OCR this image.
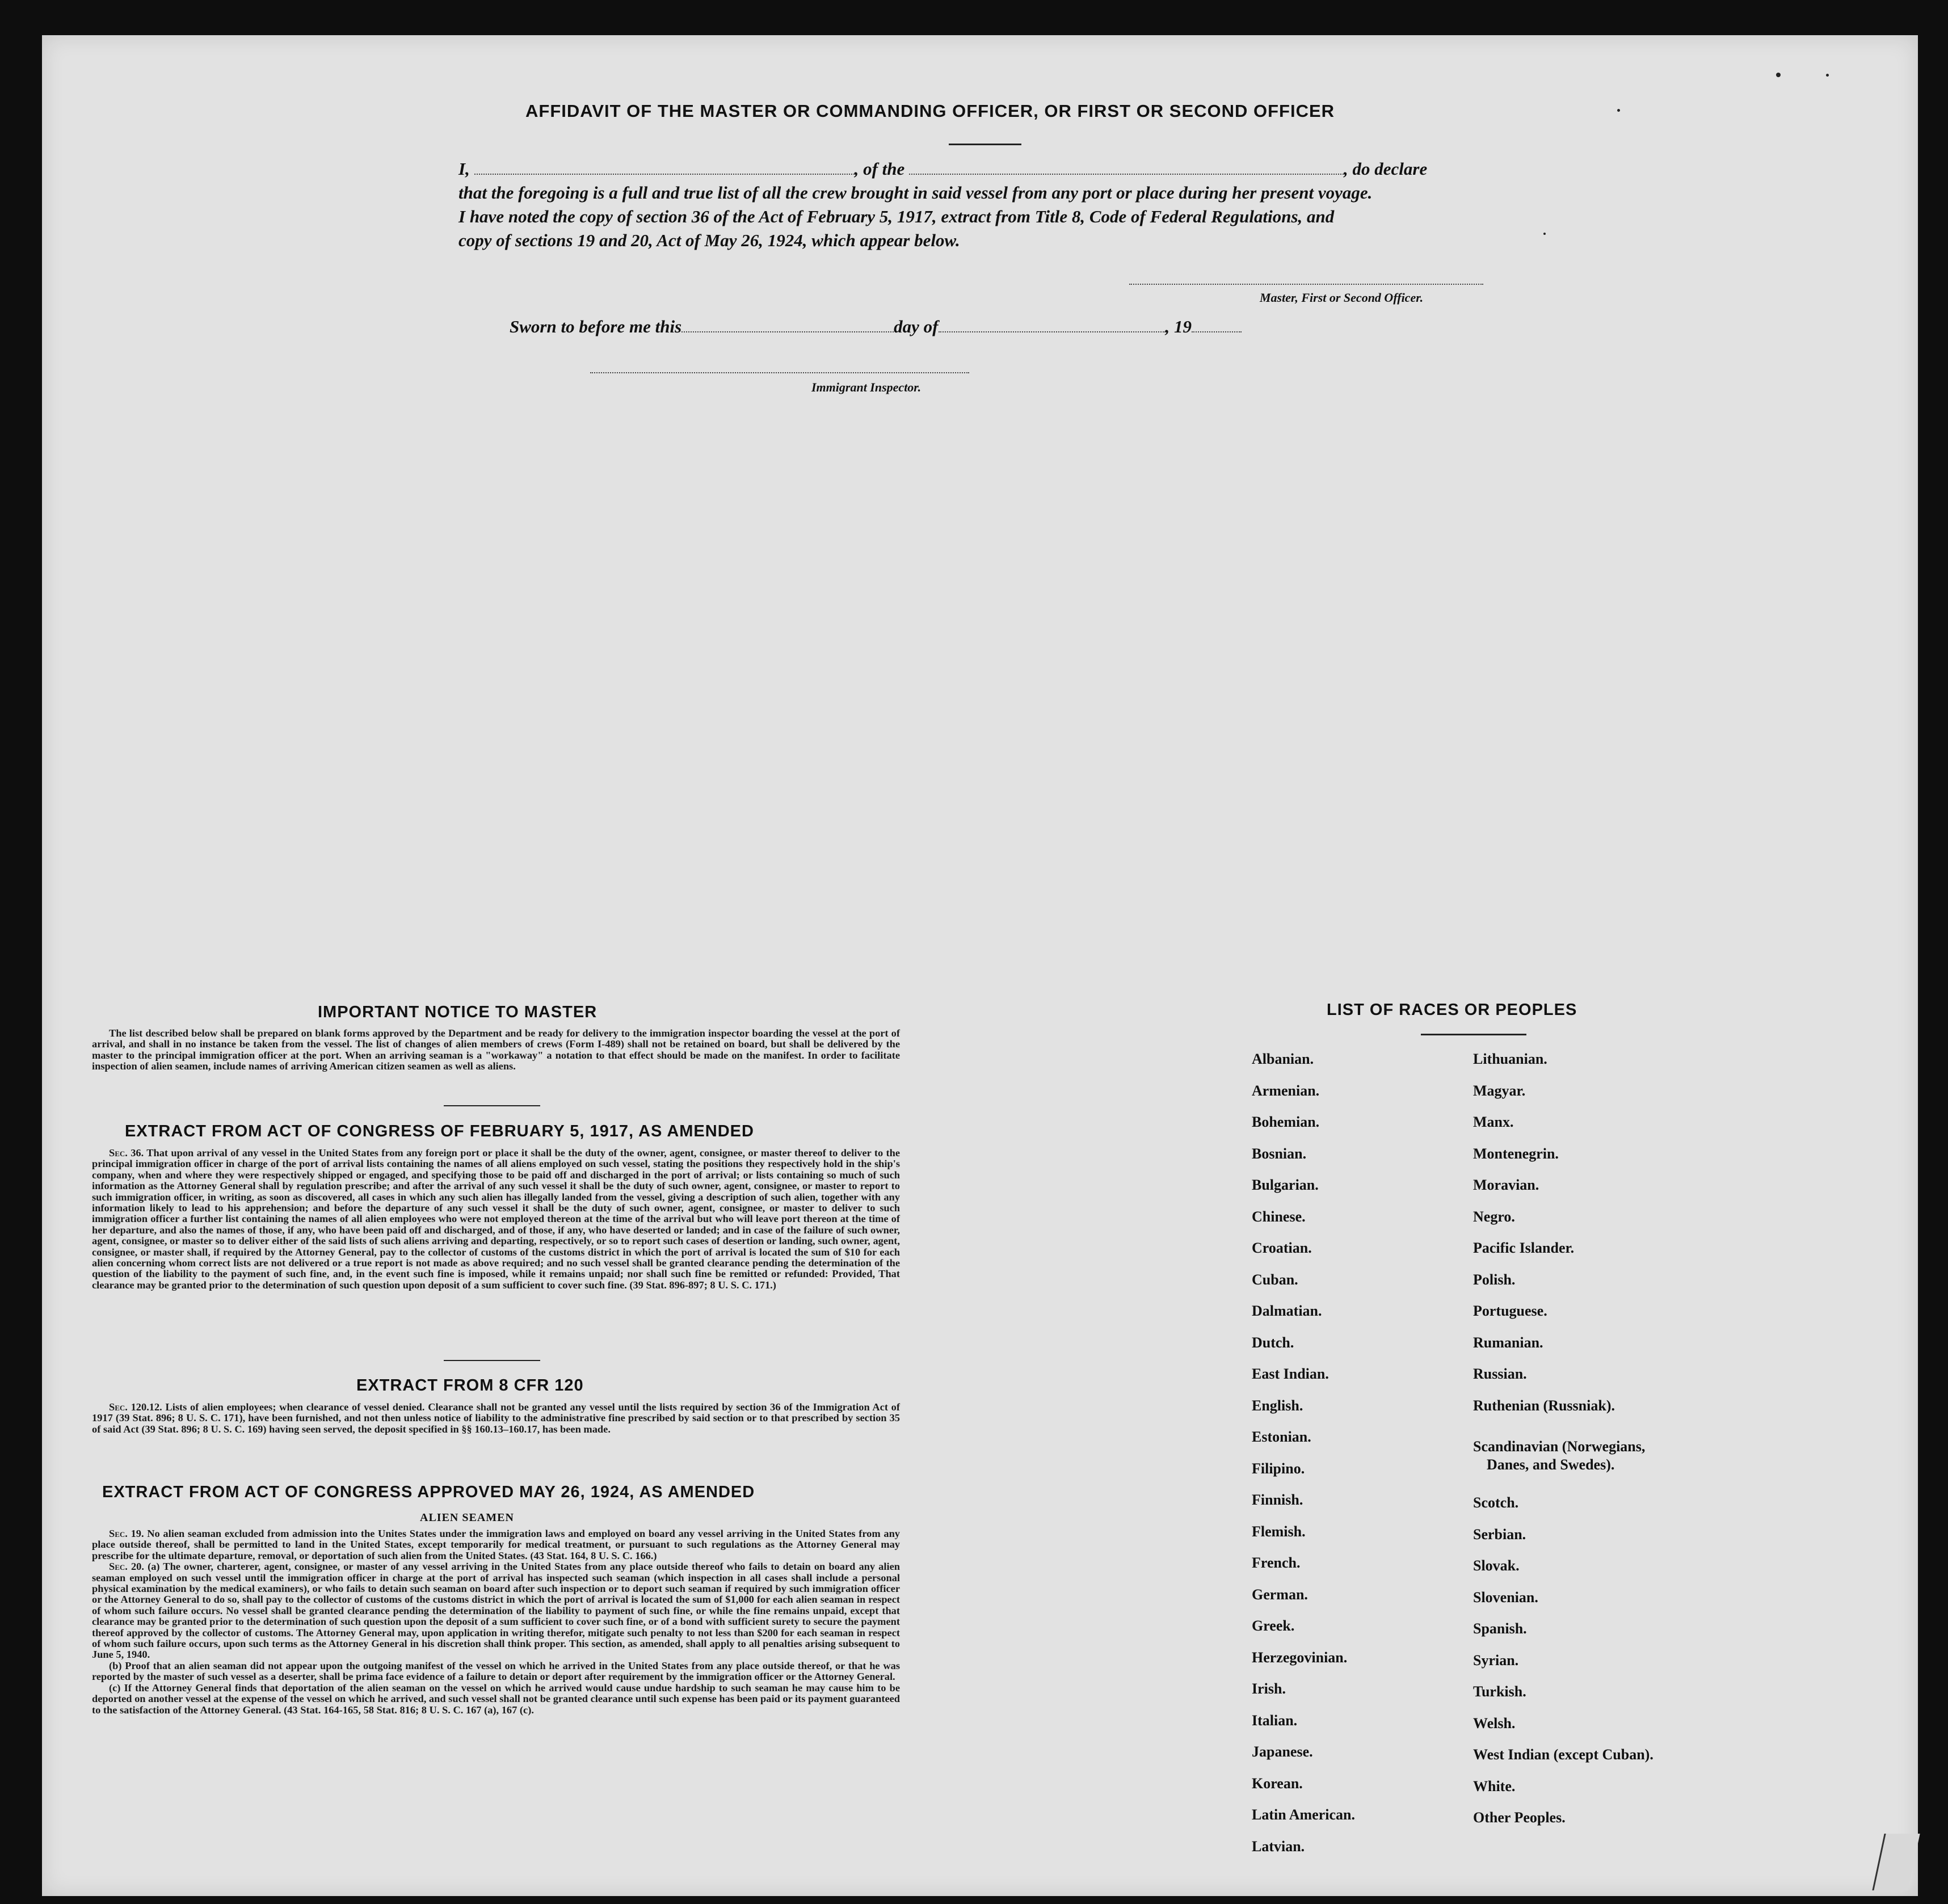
AFFIDAVIT OF THE MASTER OR COMMANDING OFFICER, OR FIRST OR SECOND OFFICER
I,	, of the	, do declare
that the foregoing is a full and true list of all the crew brought in said vessel from any port or place during her present voyage.
I have noted the copy of section 36 of the Act of February 5, 1917, extract from Title 8, Code of Federal Regulations, and
copy of sections 19 and 20, Act of May 26, 1924, which appear below.
Master, First or Second Officer.
Sworn to before me this	day of	, 19
Immigrant Inspector.
IMPORTANT NOTICE TO MASTER

The list described below shall be prepared on blank forms approved by the Department and be ready for delivery to the immigration inspector boarding the vessel at the port of arrival, and shall in no instance be taken from the vessel. The list of changes of alien members of crews (Form I-489) shall not be retained on board, but shall be delivered by the master to the principal immigration officer at the port. When an arriving seaman is a "workaway" a notation to that effect should be made on the manifest. In order to facilitate inspection of alien seamen, include names of arriving American citizen seamen as well as aliens.

EXTRACT FROM ACT OF CONGRESS OF FEBRUARY 5, 1917, AS AMENDED

Sec. 36. That upon arrival of any vessel in the United States from any foreign port or place it shall be the duty of the owner, agent, consignee, or master thereof to deliver to the principal immigration officer in charge of the port of arrival lists containing the names of all aliens employed on such vessel, stating the positions they respectively hold in the ship's company, when and where they were respectively shipped or engaged, and specifying those to be paid off and discharged in the port of arrival; or lists containing so much of such information as the Attorney General shall by regulation prescribe; and after the arrival of any such vessel it shall be the duty of such owner, agent, consignee, or master to report to such immigration officer, in writing, as soon as discovered, all cases in which any such alien has illegally landed from the vessel, giving a description of such alien, together with any information likely to lead to his apprehension; and before the departure of any such vessel it shall be the duty of such owner, agent, consignee, or master to deliver to such immigration officer a further list containing the names of all alien employees who were not employed thereon at the time of the arrival but who will leave port thereon at the time of her departure, and also the names of those, if any, who have been paid off and discharged, and of those, if any, who have deserted or landed; and in case of the failure of such owner, agent, consignee, or master so to deliver either of the said lists of such aliens arriving and departing, respectively, or so to report such cases of desertion or landing, such owner, agent, consignee, or master shall, if required by the Attorney General, pay to the collector of customs of the customs district in which the port of arrival is located the sum of $10 for each alien concerning whom correct lists are not delivered or a true report is not made as above required; and no such vessel shall be granted clearance pending the determination of the question of the liability to the payment of such fine, and, in the event such fine is imposed, while it remains unpaid; nor shall such fine be remitted or refunded: Provided, That clearance may be granted prior to the determination of such question upon deposit of a sum sufficient to cover such fine. (39 Stat. 896-897; 8 U. S. C. 171.)

EXTRACT FROM 8 CFR 120

Sec. 120.12. Lists of alien employees; when clearance of vessel denied. Clearance shall not be granted any vessel until the lists required by section 36 of the Immigration Act of 1917 (39 Stat. 896; 8 U. S. C. 171), have been furnished, and not then unless notice of liability to the administrative fine prescribed by said section or to that prescribed by section 35 of said Act (39 Stat. 896; 8 U. S. C. 169) having seen served, the deposit specified in §§ 160.13–160.17, has been made.

EXTRACT FROM ACT OF CONGRESS APPROVED MAY 26, 1924, AS AMENDED
ALIEN SEAMEN

Sec. 19. No alien seaman excluded from admission into the Unites States under the immigration laws and employed on board any vessel arriving in the United States from any place outside thereof, shall be permitted to land in the United States, except temporarily for medical treatment, or pursuant to such regulations as the Attorney General may prescribe for the ultimate departure, removal, or deportation of such alien from the United States. (43 Stat. 164, 8 U. S. C. 166.)

Sec. 20. (a) The owner, charterer, agent, consignee, or master of any vessel arriving in the United States from any place outside thereof who fails to detain on board any alien seaman employed on such vessel until the immigration officer in charge at the port of arrival has inspected such seaman (which inspection in all cases shall include a personal physical examination by the medical examiners), or who fails to detain such seaman on board after such inspection or to deport such seaman if required by such immigration officer or the Attorney General to do so, shall pay to the collector of customs of the customs district in which the port of arrival is located the sum of $1,000 for each alien seaman in respect of whom such failure occurs. No vessel shall be granted clearance pending the determination of the liability to payment of such fine, or while the fine remains unpaid, except that clearance may be granted prior to the determination of such question upon the deposit of a sum sufficient to cover such fine, or of a bond with sufficient surety to secure the payment thereof approved by the collector of customs. The Attorney General may, upon application in writing therefor, mitigate such penalty to not less than $200 for each seaman in respect of whom such failure occurs, upon such terms as the Attorney General in his discretion shall think proper. This section, as amended, shall apply to all penalties arising subsequent to June 5, 1940.

(b) Proof that an alien seaman did not appear upon the outgoing manifest of the vessel on which he arrived in the United States from any place outside thereof, or that he was reported by the master of such vessel as a deserter, shall be prima face evidence of a failure to detain or deport after requirement by the immigration officer or the Attorney General.

(c) If the Attorney General finds that deportation of the alien seaman on the vessel on which he arrived would cause undue hardship to such seaman he may cause him to be deported on another vessel at the expense of the vessel on which he arrived, and such vessel shall not be granted clearance until such expense has been paid or its payment guaranteed to the satisfaction of the Attorney General. (43 Stat. 164-165, 58 Stat. 816; 8 U. S. C. 167 (a), 167 (c).

LIST OF RACES OR PEOPLES
Albanian.
Armenian.
Bohemian.
Bosnian.
Bulgarian.
Chinese.
Croatian.
Cuban.
Dalmatian.
Dutch.
East Indian.
English.
Estonian.
Filipino.
Finnish.
Flemish.
French.
German.
Greek.
Herzegovinian.
Irish.
Italian.
Japanese.
Korean.
Latin American.
Latvian.
Lithuanian.
Magyar.
Manx.
Montenegrin.
Moravian.
Negro.
Pacific Islander.
Polish.
Portuguese.
Rumanian.
Russian.
Ruthenian (Russniak).
Scandinavian (Norwegians,
Danes, and Swedes).
Scotch.
Serbian.
Slovak.
Slovenian.
Spanish.
Syrian.
Turkish.
Welsh.
West Indian (except Cuban).
White.
Other Peoples.
